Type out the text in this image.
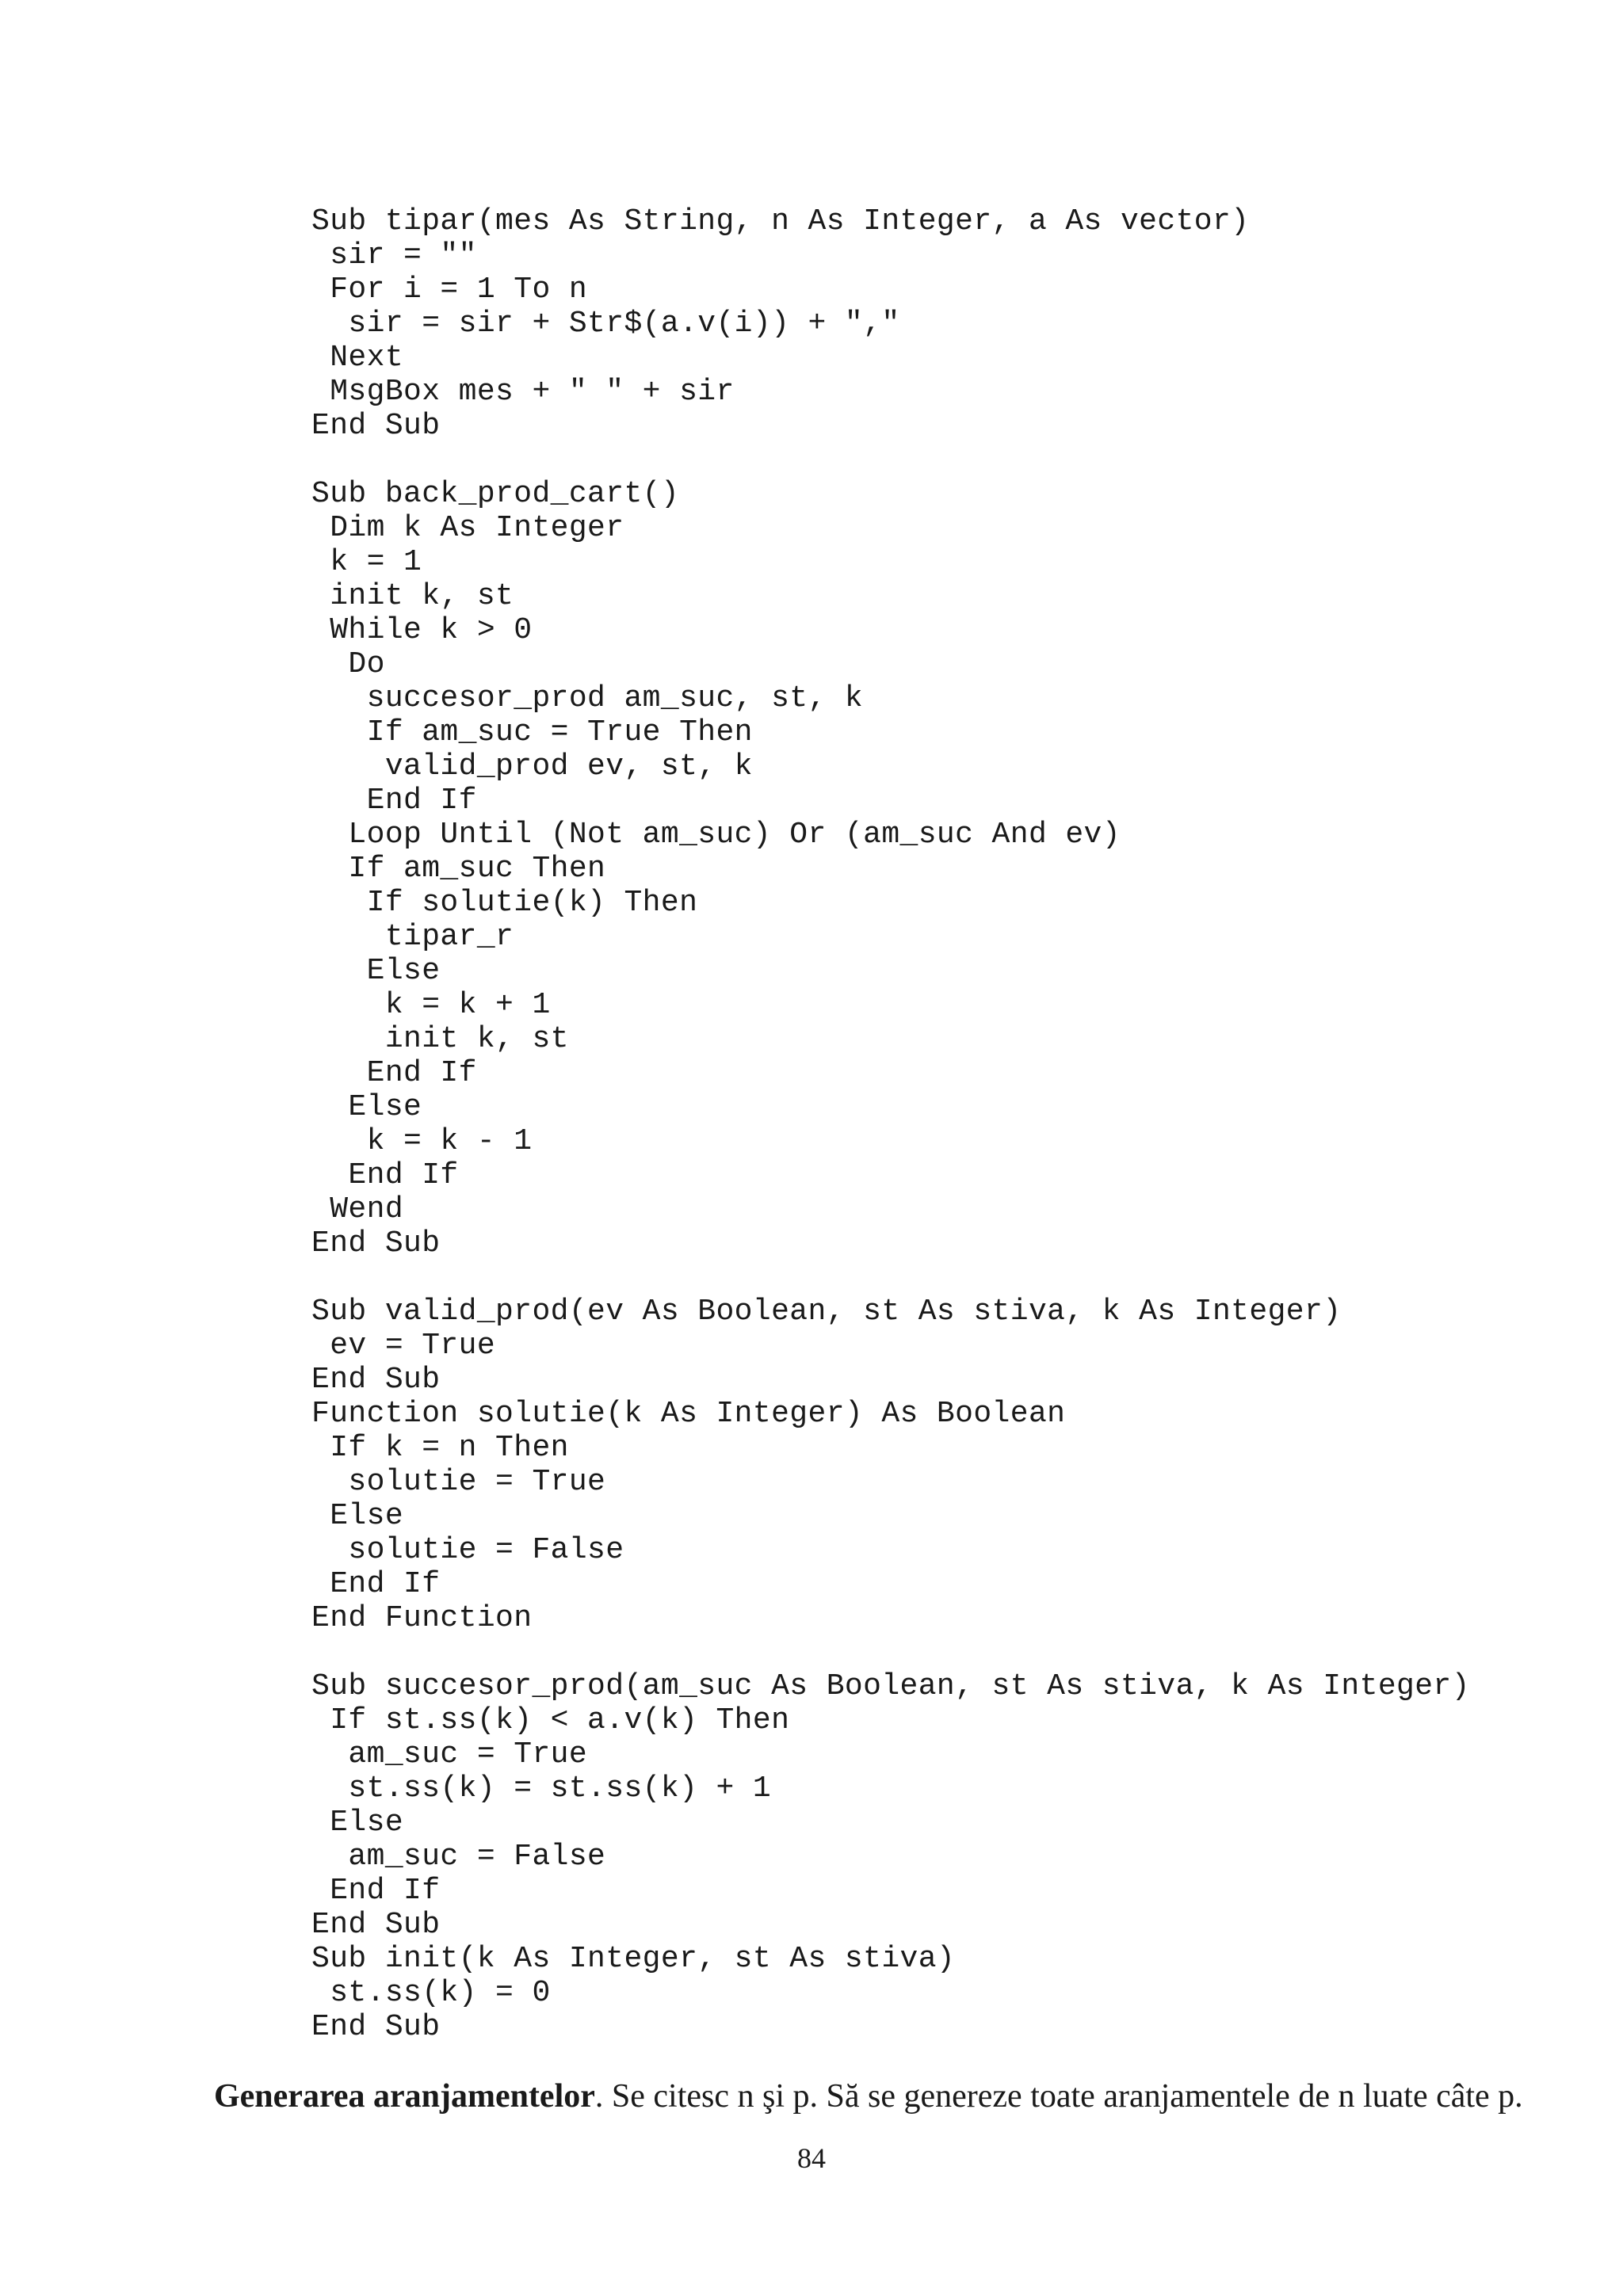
Sub tipar(mes As String, n As Integer, a As vector)
sir = ""
For i = 1 To n
sir = sir + Str$(a.v(i)) + ","
Next
MsgBox mes + " " + sir
End Sub
Sub back_prod_cart()
Dim k As Integer
k = 1
init k, st
While k > 0
Do
succesor_prod am_suc, st, k
If am_suc = True Then
valid_prod ev, st, k
End If
Loop Until (Not am_suc) Or (am_suc And ev)
If am_suc Then
If solutie(k) Then
tipar_r
Else
k = k + 1
init k, st
End If
Else
k = k - 1
End If
Wend
End Sub
Sub valid_prod(ev As Boolean, st As stiva, k As Integer)
ev = True
End Sub
Function solutie(k As Integer) As Boolean
If k = n Then
solutie = True
Else
solutie = False
End If
End Function
Sub succesor_prod(am_suc As Boolean, st As stiva, k As Integer)
If st.ss(k) < a.v(k) Then
am_suc = True
st.ss(k) = st.ss(k) + 1
Else
am_suc = False
End If
End Sub
Sub init(k As Integer, st As stiva)
st.ss(k) = 0
End Sub

Generarea aranjamentelor. Se citesc n şi p. Să se genereze toate aranjamentele de n luate câte p.

84
